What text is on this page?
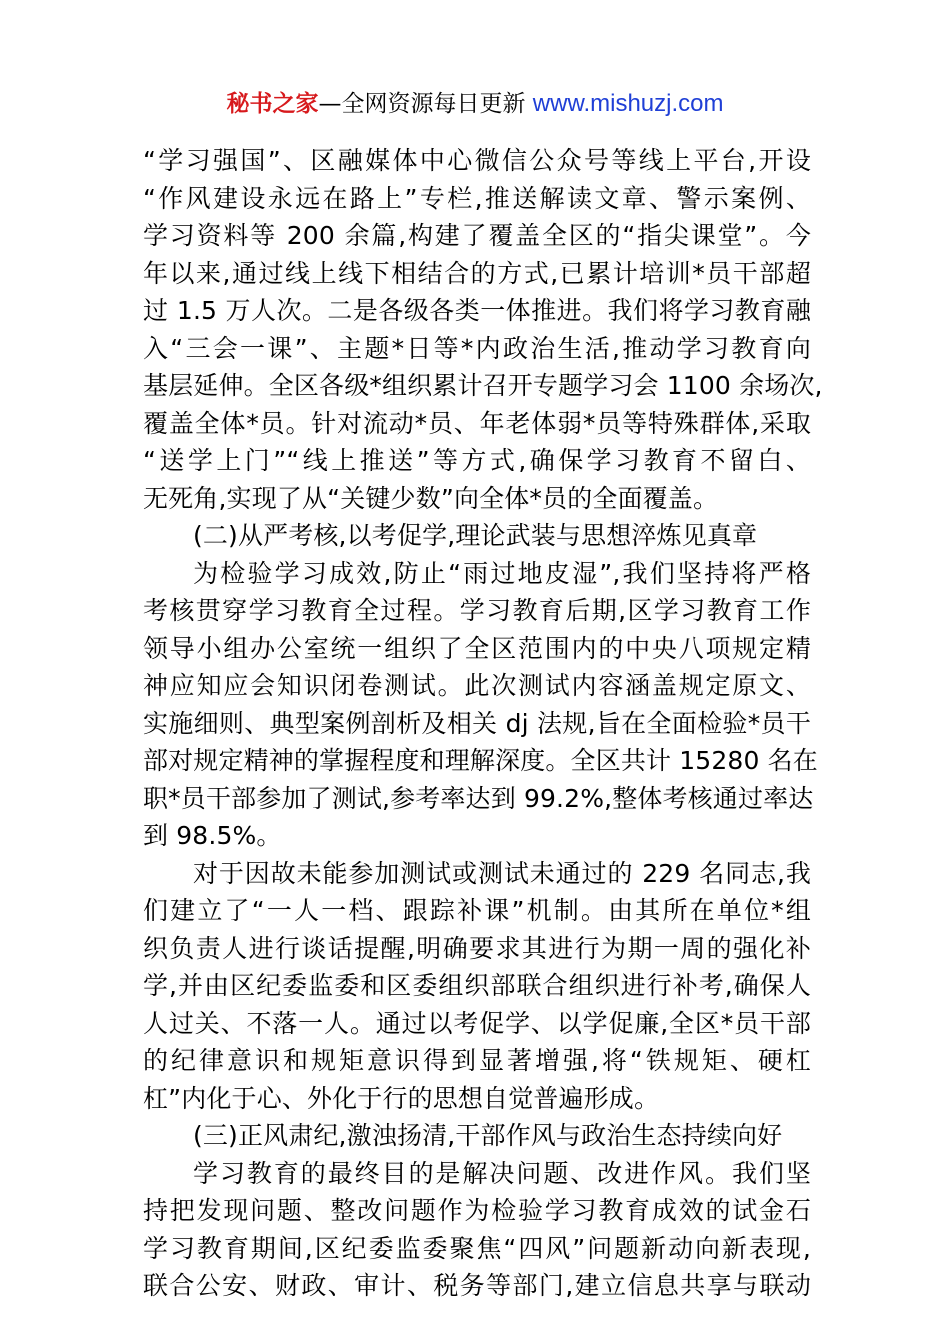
秘书之家—全网资源每日更新 www.mishuzj.com
“学习强国”、区融媒体中心微信公众号等线上平台,开设
“作风建设永远在路上”专栏,推送解读文章、警示案例、
学习资料等 200 余篇,构建了覆盖全区的“指尖课堂”。今
年以来,通过线上线下相结合的方式,已累计培训*员干部超
过 1.5 万人次。二是各级各类一体推进。我们将学习教育融
入“三会一课”、主题*日等*内政治生活,推动学习教育向
基层延伸。全区各级*组织累计召开专题学习会 1100 余场次,
覆盖全体*员。针对流动*员、年老体弱*员等特殊群体,采取
“送学上门”“线上推送”等方式,确保学习教育不留白、
无死角,实现了从“关键少数”向全体*员的全面覆盖。
(二)从严考核,以考促学,理论武装与思想淬炼见真章
为检验学习成效,防止“雨过地皮湿”,我们坚持将严格
考核贯穿学习教育全过程。学习教育后期,区学习教育工作
领导小组办公室统一组织了全区范围内的中央八项规定精
神应知应会知识闭卷测试。此次测试内容涵盖规定原文、
实施细则、典型案例剖析及相关 dj 法规,旨在全面检验*员干
部对规定精神的掌握程度和理解深度。全区共计 15280 名在
职*员干部参加了测试,参考率达到 99.2%,整体考核通过率达
到 98.5%。
对于因故未能参加测试或测试未通过的 229 名同志,我
们建立了“一人一档、跟踪补课”机制。由其所在单位*组
织负责人进行谈话提醒,明确要求其进行为期一周的强化补
学,并由区纪委监委和区委组织部联合组织进行补考,确保人
人过关、不落一人。通过以考促学、以学促廉,全区*员干部
的纪律意识和规矩意识得到显著增强,将“铁规矩、硬杠
杠”内化于心、外化于行的思想自觉普遍形成。
(三)正风肃纪,激浊扬清,干部作风与政治生态持续向好
学习教育的最终目的是解决问题、改进作风。我们坚
持把发现问题、整改问题作为检验学习教育成效的试金石
学习教育期间,区纪委监委聚焦“四风”问题新动向新表现,
联合公安、财政、审计、税务等部门,建立信息共享与联动
